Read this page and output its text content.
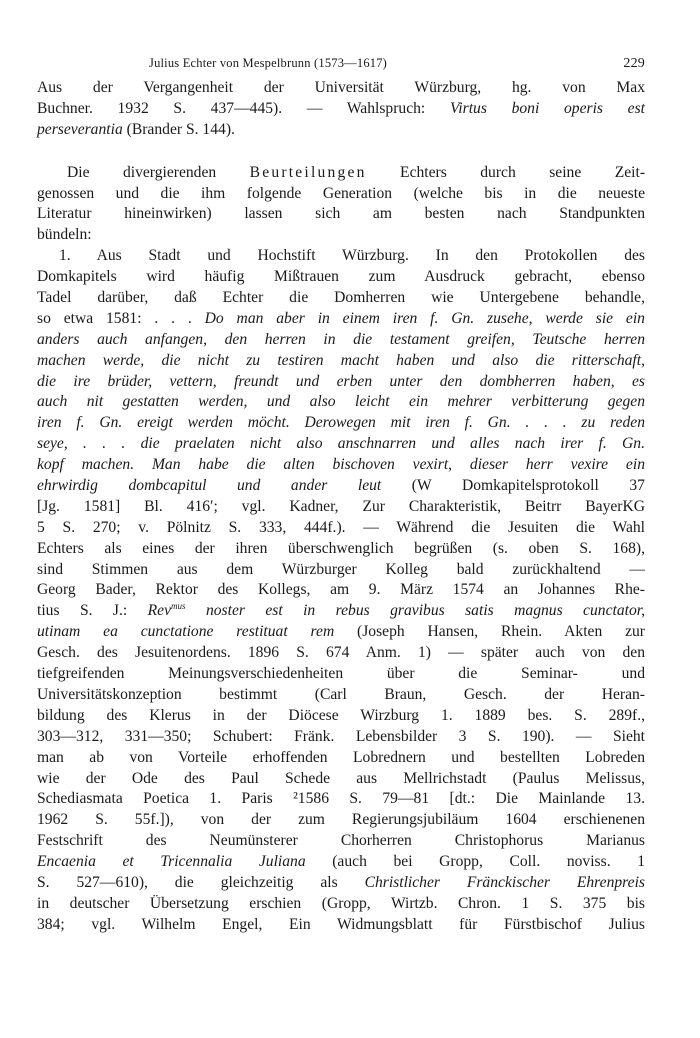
Julius Echter von Mespelbrunn (1573—1617)	229
Aus der Vergangenheit der Universität Würzburg, hg. von Max
Buchner. 1932 S. 437—445). — Wahlspruch: Virtus boni operis est
perseverantia (Brander S. 144).
Die divergierenden Beurteilungen Echters durch seine Zeit-
genossen und die ihm folgende Generation (welche bis in die neueste
Literatur hineinwirken) lassen sich am besten nach Standpunkten
bündeln:
1. Aus Stadt und Hochstift Würzburg. In den Protokollen des
Domkapitels wird häufig Mißtrauen zum Ausdruck gebracht, ebenso
Tadel darüber, daß Echter die Domherren wie Untergebene behandle,
so etwa 1581: . . . Do man aber in einem iren f. Gn. zusehe, werde sie ein
anders auch anfangen, den herren in die testament greifen, Teutsche herren
machen werde, die nicht zu testiren macht haben und also die ritterschaft,
die ire brüder, vettern, freundt und erben unter den dombherren haben, es
auch nit gestatten werden, und also leicht ein mehrer verbitterung gegen
iren f. Gn. ereigt werden möcht. Derowegen mit iren f. Gn. . . . zu reden
seye, . . . die praelaten nicht also anschnarren und alles nach irer f. Gn.
kopf machen. Man habe die alten bischoven vexirt, dieser herr vexire ein
ehrwirdig dombcapitul und ander leut (W Domkapitelsprotokoll 37
[Jg. 1581] Bl. 416′; vgl. Kadner, Zur Charakteristik, Beitrr BayerKG
5 S. 270; v. Pölnitz S. 333, 444f.). — Während die Jesuiten die Wahl
Echters als eines der ihren überschwenglich begrüßen (s. oben S. 168),
sind Stimmen aus dem Würzburger Kolleg bald zurückhaltend —
Georg Bader, Rektor des Kollegs, am 9. März 1574 an Johannes Rhe-
tius S. J.: Rev$^{mus}$ noster est in rebus gravibus satis magnus cunctator,
utinam ea cunctatione restituat rem (Joseph Hansen, Rhein. Akten zur
Gesch. des Jesuitenordens. 1896 S. 674 Anm. 1) — später auch von den
tiefgreifenden Meinungsverschiedenheiten über die Seminar- und
Universitätskonzeption bestimmt (Carl Braun, Gesch. der Heran-
bildung des Klerus in der Diöcese Wirzburg 1. 1889 bes. S. 289f.,
303—312, 331—350; Schubert: Fränk. Lebensbilder 3 S. 190). — Sieht
man ab von Vorteile erhoffenden Lobrednern und bestellten Lobreden
wie der Ode des Paul Schede aus Mellrichstadt (Paulus Melissus,
Schediasmata Poetica 1. Paris ²1586 S. 79—81 [dt.: Die Mainlande 13.
1962 S. 55f.]), von der zum Regierungsjubiläum 1604 erschienenen
Festschrift des Neumünsterer Chorherren Christophorus Marianus
Encaenia et Tricennalia Juliana (auch bei Gropp, Coll. noviss. 1
S. 527—610), die gleichzeitig als Christlicher Fränckischer Ehrenpreis
in deutscher Übersetzung erschien (Gropp, Wirtzb. Chron. 1 S. 375 bis
384; vgl. Wilhelm Engel, Ein Widmungsblatt für Fürstbischof Julius
